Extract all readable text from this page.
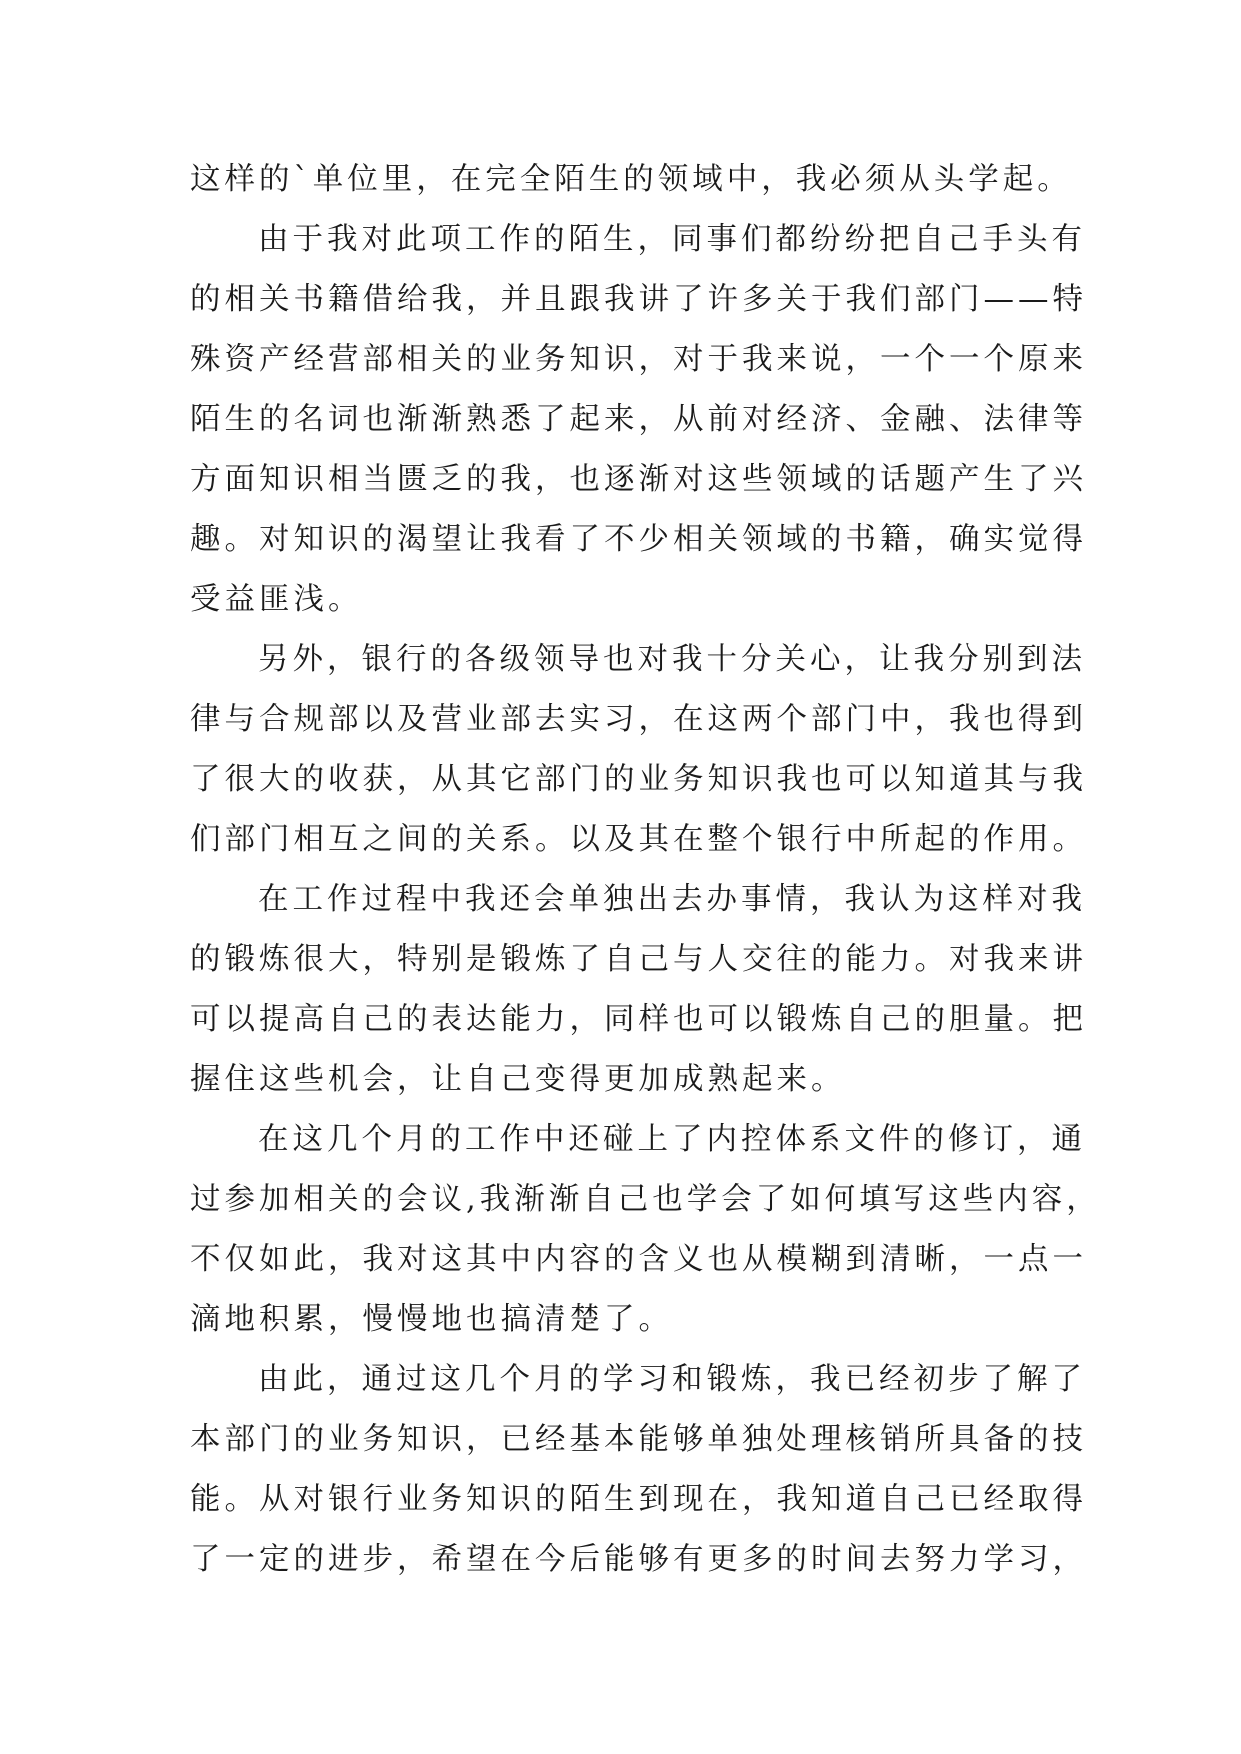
这样的`单位里，在完全陌生的领域中，我必须从头学起。
由于我对此项工作的陌生，同事们都纷纷把自己手头有
的相关书籍借给我，并且跟我讲了许多关于我们部门——特
殊资产经营部相关的业务知识，对于我来说，一个一个原来
陌生的名词也渐渐熟悉了起来，从前对经济、金融、法律等
方面知识相当匮乏的我，也逐渐对这些领域的话题产生了兴
趣。对知识的渴望让我看了不少相关领域的书籍，确实觉得
受益匪浅。
另外，银行的各级领导也对我十分关心，让我分别到法
律与合规部以及营业部去实习，在这两个部门中，我也得到
了很大的收获，从其它部门的业务知识我也可以知道其与我
们部门相互之间的关系。以及其在整个银行中所起的作用。
在工作过程中我还会单独出去办事情，我认为这样对我
的锻炼很大，特别是锻炼了自己与人交往的能力。对我来讲
可以提高自己的表达能力，同样也可以锻炼自己的胆量。把
握住这些机会，让自己变得更加成熟起来。
在这几个月的工作中还碰上了内控体系文件的修订，通
过参加相关的会议,我渐渐自己也学会了如何填写这些内容，
不仅如此，我对这其中内容的含义也从模糊到清晰，一点一
滴地积累，慢慢地也搞清楚了。
由此，通过这几个月的学习和锻炼，我已经初步了解了
本部门的业务知识，已经基本能够单独处理核销所具备的技
能。从对银行业务知识的陌生到现在，我知道自己已经取得
了一定的进步，希望在今后能够有更多的时间去努力学习，
